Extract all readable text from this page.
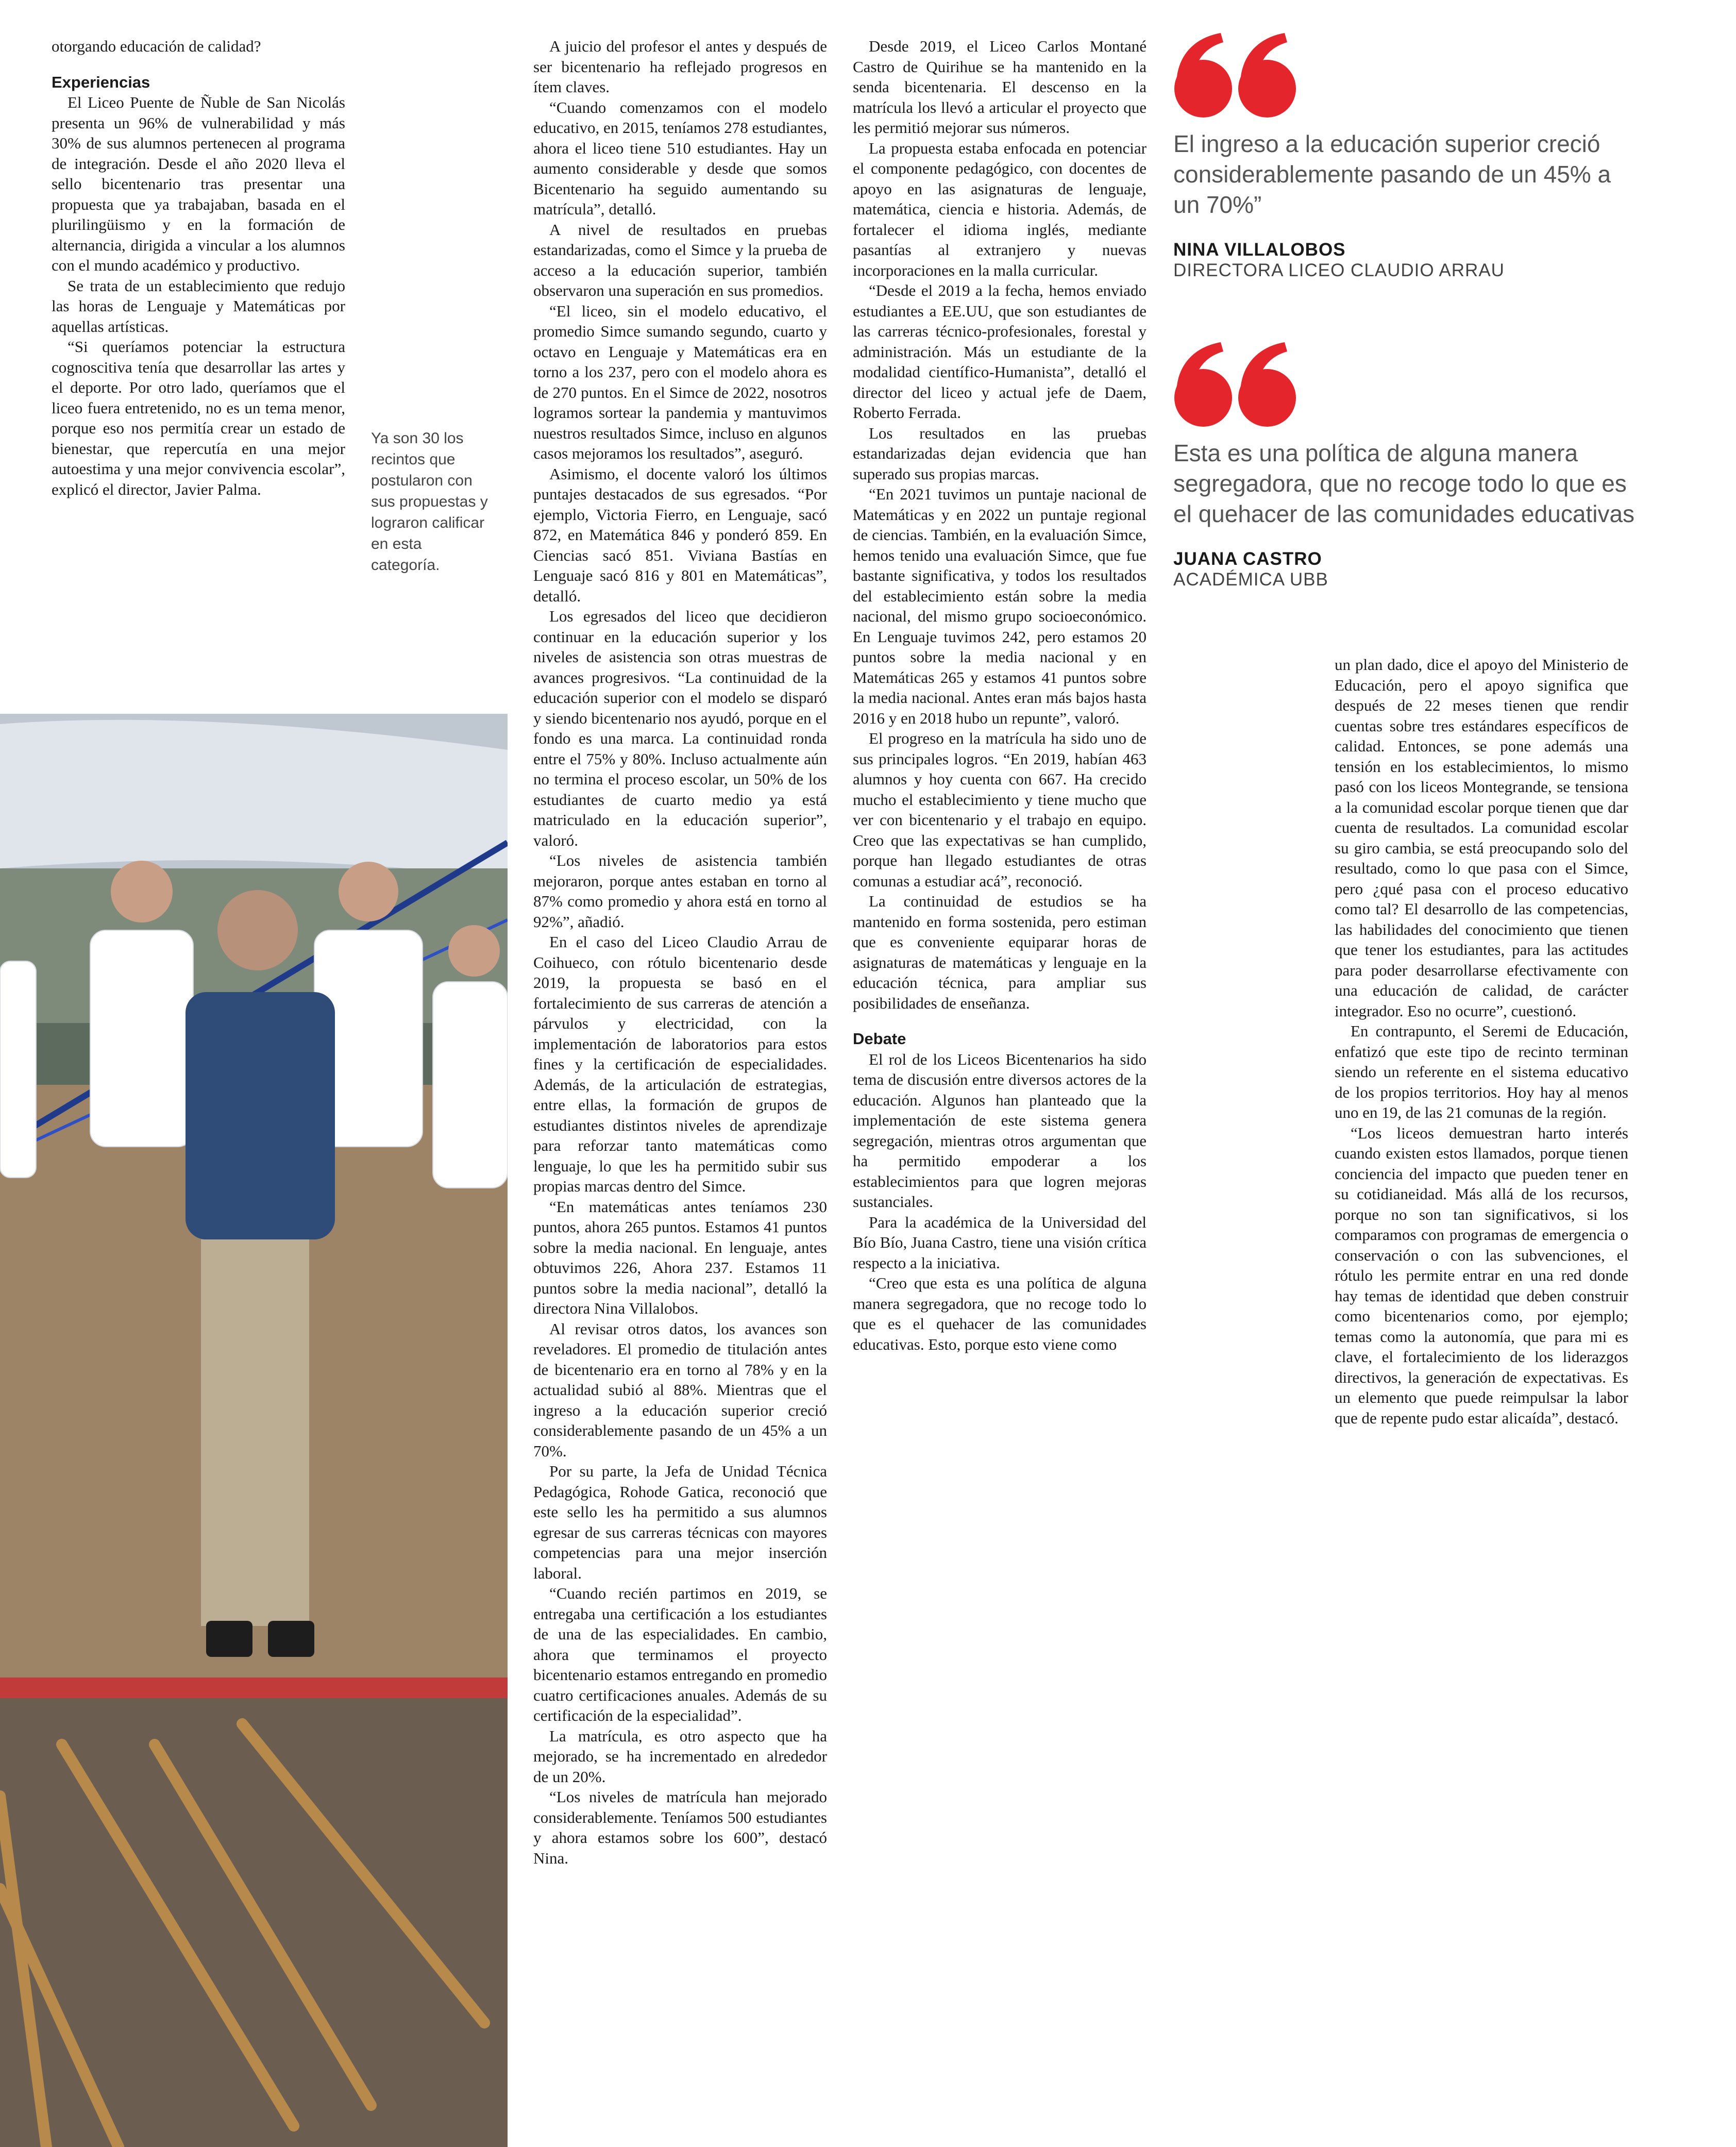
otorgando educación de calidad?

Experiencias

El Liceo Puente de Ñuble de San Nicolás presenta un 96% de vulnerabilidad y más 30% de sus alumnos pertenecen al programa de integración. Desde el año 2020 lleva el sello bicentenario tras presentar una propuesta que ya trabajaban, basada en el plurilingüismo y en la formación de alternancia, dirigida a vincular a los alumnos con el mundo académico y productivo.

Se trata de un establecimiento que redujo las horas de Lenguaje y Matemáticas por aquellas artísticas.

“Si queríamos potenciar la estructura cognoscitiva tenía que desarrollar las artes y el deporte. Por otro lado, queríamos que el liceo fuera entretenido, no es un tema menor, porque eso nos permitía crear un estado de bienestar, que repercutía en una mejor autoestima y una mejor convivencia escolar”, explicó el director, Javier Palma.

Ya son 30 los recintos que postularon con sus propuestas y lograron calificar en esta categoría.

A juicio del profesor el antes y después de ser bicentenario ha reflejado progresos en ítem claves.

“Cuando comenzamos con el modelo educativo, en 2015, teníamos 278 estudiantes, ahora el liceo tiene 510 estudiantes. Hay un aumento considerable y desde que somos Bicentenario ha seguido aumentando su matrícula”, detalló.

A nivel de resultados en pruebas estandarizadas, como el Simce y la prueba de acceso a la educación superior, también observaron una superación en sus promedios.

“El liceo, sin el modelo educativo, el promedio Simce sumando segundo, cuarto y octavo en Lenguaje y Matemáticas era en torno a los 237, pero con el modelo ahora es de 270 puntos. En el Simce de 2022, nosotros logramos sortear la pandemia y mantuvimos nuestros resultados Simce, incluso en algunos casos mejoramos los resultados”, aseguró.

Asimismo, el docente valoró los últimos puntajes destacados de sus egresados. “Por ejemplo, Victoria Fierro, en Lenguaje, sacó 872, en Matemática 846 y ponderó 859. En Ciencias sacó 851. Viviana Bastías en Lenguaje sacó 816 y 801 en Matemáticas”, detalló.

Los egresados del liceo que decidieron continuar en la educación superior y los niveles de asistencia son otras muestras de avances progresivos. “La continuidad de la educación superior con el modelo se disparó y siendo bicentenario nos ayudó, porque en el fondo es una marca. La continuidad ronda entre el 75% y 80%. Incluso actualmente aún no termina el proceso escolar, un 50% de los estudiantes de cuarto medio ya está matriculado en la educación superior”, valoró.

“Los niveles de asistencia también mejoraron, porque antes estaban en torno al 87% como promedio y ahora está en torno al 92%”, añadió.

En el caso del Liceo Claudio Arrau de Coihueco, con rótulo bicentenario desde 2019, la propuesta se basó en el fortalecimiento de sus carreras de atención a párvulos y electricidad, con la implementación de laboratorios para estos fines y la certificación de especialidades. Además, de la articulación de estrategias, entre ellas, la formación de grupos de estudiantes distintos niveles de aprendizaje para reforzar tanto matemáticas como lenguaje, lo que les ha permitido subir sus propias marcas dentro del Simce.

“En matemáticas antes teníamos 230 puntos, ahora 265 puntos. Estamos 41 puntos sobre la media nacional. En lenguaje, antes obtuvimos 226, Ahora 237. Estamos 11 puntos sobre la media nacional”, detalló la directora Nina Villalobos.

Al revisar otros datos, los avances son reveladores. El promedio de titulación antes de bicentenario era en torno al 78% y en la actualidad subió al 88%. Mientras que el ingreso a la educación superior creció considerablemente pasando de un 45% a un 70%.

Por su parte, la Jefa de Unidad Técnica Pedagógica, Rohode Gatica, reconoció que este sello les ha permitido a sus alumnos egresar de sus carreras técnicas con mayores competencias para una mejor inserción laboral.

“Cuando recién partimos en 2019, se entregaba una certificación a los estudiantes de una de las especialidades. En cambio, ahora que terminamos el proyecto bicentenario estamos entregando en promedio cuatro certificaciones anuales. Además de su certificación de la especialidad”.

La matrícula, es otro aspecto que ha mejorado, se ha incrementado en alrededor de un 20%.

“Los niveles de matrícula han mejorado considerablemente. Teníamos 500 estudiantes y ahora estamos sobre los 600”, destacó Nina.

Desde 2019, el Liceo Carlos Montané Castro de Quirihue se ha mantenido en la senda bicentenaria. El descenso en la matrícula los llevó a articular el proyecto que les permitió mejorar sus números.

La propuesta estaba enfocada en potenciar el componente pedagógico, con docentes de apoyo en las asignaturas de lenguaje, matemática, ciencia e historia. Además, de fortalecer el idioma inglés, mediante pasantías al extranjero y nuevas incorporaciones en la malla curricular.

“Desde el 2019 a la fecha, hemos enviado estudiantes a EE.UU, que son estudiantes de las carreras técnico-profesionales, forestal y administración. Más un estudiante de la modalidad científico-Humanista”, detalló el director del liceo y actual jefe de Daem, Roberto Ferrada.

Los resultados en las pruebas estandarizadas dejan evidencia que han superado sus propias marcas.

“En 2021 tuvimos un puntaje nacional de Matemáticas y en 2022 un puntaje regional de ciencias. También, en la evaluación Simce, hemos tenido una evaluación Simce, que fue bastante significativa, y todos los resultados del establecimiento están sobre la media nacional, del mismo grupo socioeconómico. En Lenguaje tuvimos 242, pero estamos 20 puntos sobre la media nacional y en Matemáticas 265 y estamos 41 puntos sobre la media nacional. Antes eran más bajos hasta 2016 y en 2018 hubo un repunte”, valoró.

El progreso en la matrícula ha sido uno de sus principales logros. “En 2019, habían 463 alumnos y hoy cuenta con 667. Ha crecido mucho el establecimiento y tiene mucho que ver con bicentenario y el trabajo en equipo. Creo que las expectativas se han cumplido, porque han llegado estudiantes de otras comunas a estudiar acá”, reconoció.

La continuidad de estudios se ha mantenido en forma sostenida, pero estiman que es conveniente equiparar horas de asignaturas de matemáticas y lenguaje en la educación técnica, para ampliar sus posibilidades de enseñanza.

Debate

El rol de los Liceos Bicentenarios ha sido tema de discusión entre diversos actores de la educación. Algunos han planteado que la implementación de este sistema genera segregación, mientras otros argumentan que ha permitido empoderar a los establecimientos para que logren mejoras sustanciales.

Para la académica de la Universidad del Bío Bío, Juana Castro, tiene una visión crítica respecto a la iniciativa.

“Creo que esta es una política de alguna manera segregadora, que no recoge todo lo que es el quehacer de las comunidades educativas. Esto, porque esto viene como

El ingreso a la educación superior creció considerablemente pasando de un 45% a un 70%”
NINA VILLALOBOS
DIRECTORA LICEO CLAUDIO ARRAU
Esta es una política de alguna manera segregadora, que no recoge todo lo que es el quehacer de las comunidades educativas
JUANA CASTRO
ACADÉMICA UBB

un plan dado, dice el apoyo del Ministerio de Educación, pero el apoyo significa que después de 22 meses tienen que rendir cuentas sobre tres estándares específicos de calidad. Entonces, se pone además una tensión en los establecimientos, lo mismo pasó con los liceos Montegrande, se tensiona a la comunidad escolar porque tienen que dar cuenta de resultados. La comunidad escolar su giro cambia, se está preocupando solo del resultado, como lo que pasa con el Simce, pero ¿qué pasa con el proceso educativo como tal? El desarrollo de las competencias, las habilidades del conocimiento que tienen que tener los estudiantes, para las actitudes para poder desarrollarse efectivamente con una educación de calidad, de carácter integrador. Eso no ocurre”, cuestionó.

En contrapunto, el Seremi de Educación, enfatizó que este tipo de recinto terminan siendo un referente en el sistema educativo de los propios territorios. Hoy hay al menos uno en 19, de las 21 comunas de la región.

“Los liceos demuestran harto interés cuando existen estos llamados, porque tienen conciencia del impacto que pueden tener en su cotidianeidad. Más allá de los recursos, porque no son tan significativos, si los comparamos con programas de emergencia o conservación o con las subvenciones, el rótulo les permite entrar en una red donde hay temas de identidad que deben construir como bicentenarios como, por ejemplo; temas como la autonomía, que para mi es clave, el fortalecimiento de los liderazgos directivos, la generación de expectativas. Es un elemento que puede reimpulsar la labor que de repente pudo estar alicaída”, destacó.
